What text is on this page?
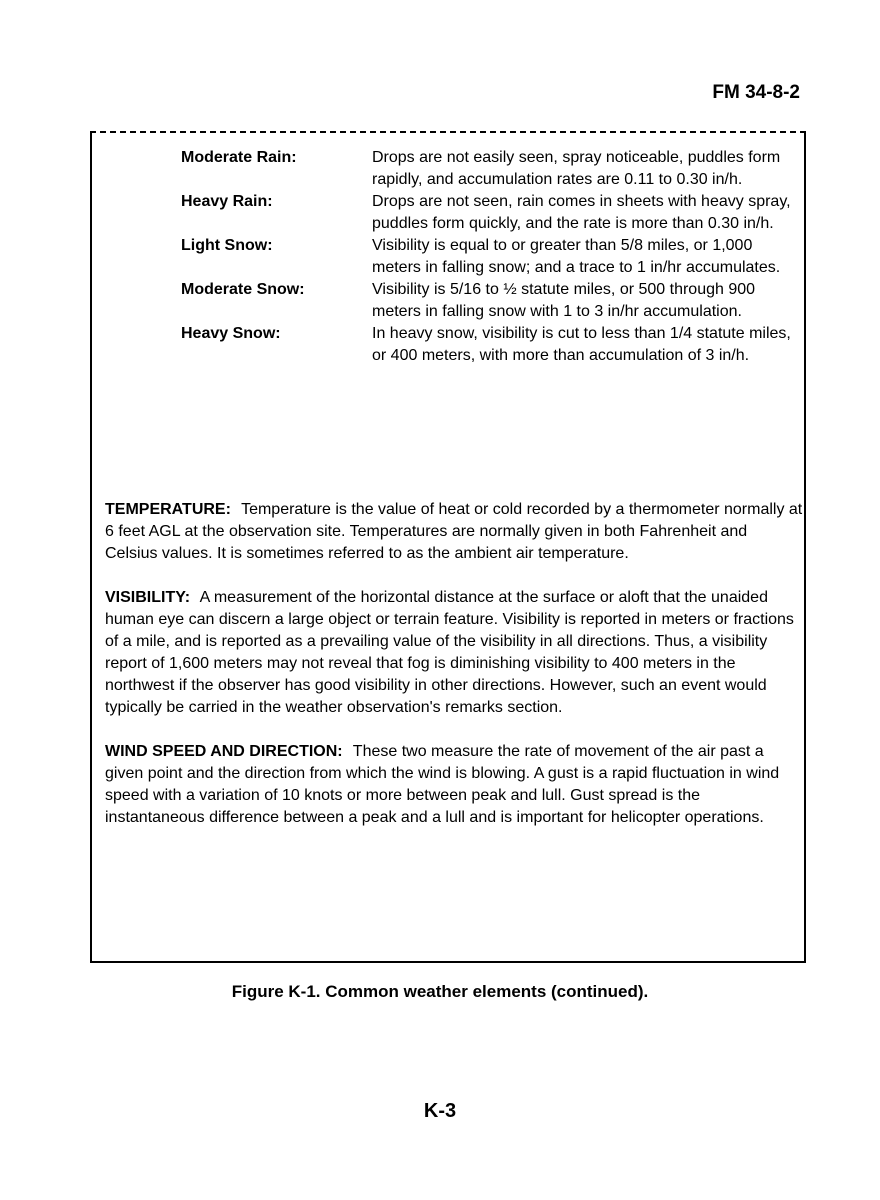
FM 34-8-2
Moderate Rain:	Drops are not easily seen, spray noticeable, puddles form rapidly, and accumulation rates are 0.11 to 0.30 in/h.
Heavy Rain:	Drops are not seen, rain comes in sheets with heavy spray, puddles form quickly, and the rate is more than 0.30 in/h.
Light Snow:	Visibility is equal to or greater than 5/8 miles, or 1,000 meters in falling snow; and a trace to 1 in/hr accumulates.
Moderate Snow:	Visibility is 5/16 to ½ statute miles, or 500 through 900 meters in falling snow with 1 to 3 in/hr accumulation.
Heavy Snow:	In heavy snow, visibility is cut to less than 1/4 statute miles, or 400 meters, with more than accumulation of 3 in/h.

TEMPERATURE: Temperature is the value of heat or cold recorded by a thermometer normally at 6 feet AGL at the observation site. Temperatures are normally given in both Fahrenheit and Celsius values. It is sometimes referred to as the ambient air temperature.

VISIBILITY: A measurement of the horizontal distance at the surface or aloft that the unaided human eye can discern a large object or terrain feature. Visibility is reported in meters or fractions of a mile, and is reported as a prevailing value of the visibility in all directions. Thus, a visibility report of 1,600 meters may not reveal that fog is diminishing visibility to 400 meters in the northwest if the observer has good visibility in other directions. However, such an event would typically be carried in the weather observation's remarks section.

WIND SPEED AND DIRECTION: These two measure the rate of movement of the air past a given point and the direction from which the wind is blowing. A gust is a rapid fluctuation in wind speed with a variation of 10 knots or more between peak and lull. Gust spread is the instantaneous difference between a peak and a lull and is important for helicopter operations.

Figure K-1. Common weather elements (continued).
K-3
